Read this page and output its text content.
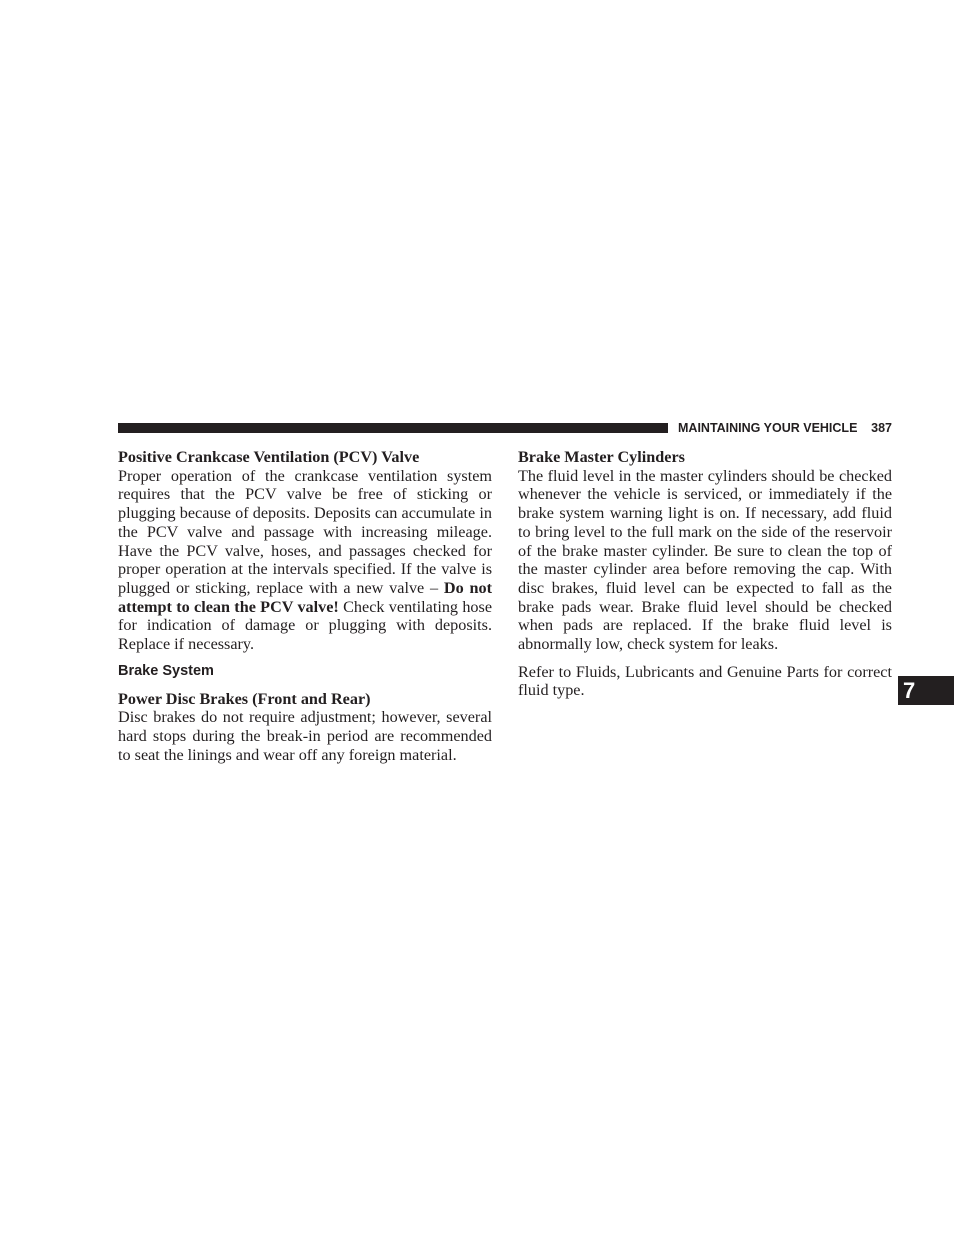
MAINTAINING YOUR VEHICLE 387

Positive Crankcase Ventilation (PCV) Valve

Proper operation of the crankcase ventilation system requires that the PCV valve be free of sticking or plugging because of deposits. Deposits can accumulate in the PCV valve and passage with increasing mileage. Have the PCV valve, hoses, and passages checked for proper operation at the intervals specified. If the valve is plugged or sticking, replace with a new valve – Do not attempt to clean the PCV valve! Check ventilating hose for indication of damage or plugging with deposits. Replace if necessary.

Brake System

Power Disc Brakes (Front and Rear)

Disc brakes do not require adjustment; however, several hard stops during the break-in period are recommended to seat the linings and wear off any foreign material.

Brake Master Cylinders

The fluid level in the master cylinders should be checked whenever the vehicle is serviced, or immediately if the brake system warning light is on. If necessary, add fluid to bring level to the full mark on the side of the reservoir of the brake master cylinder. Be sure to clean the top of the master cylinder area before removing the cap. With disc brakes, fluid level can be expected to fall as the brake pads wear. Brake fluid level should be checked when pads are replaced. If the brake fluid level is abnormally low, check system for leaks.

Refer to Fluids, Lubricants and Genuine Parts for correct fluid type.	7
